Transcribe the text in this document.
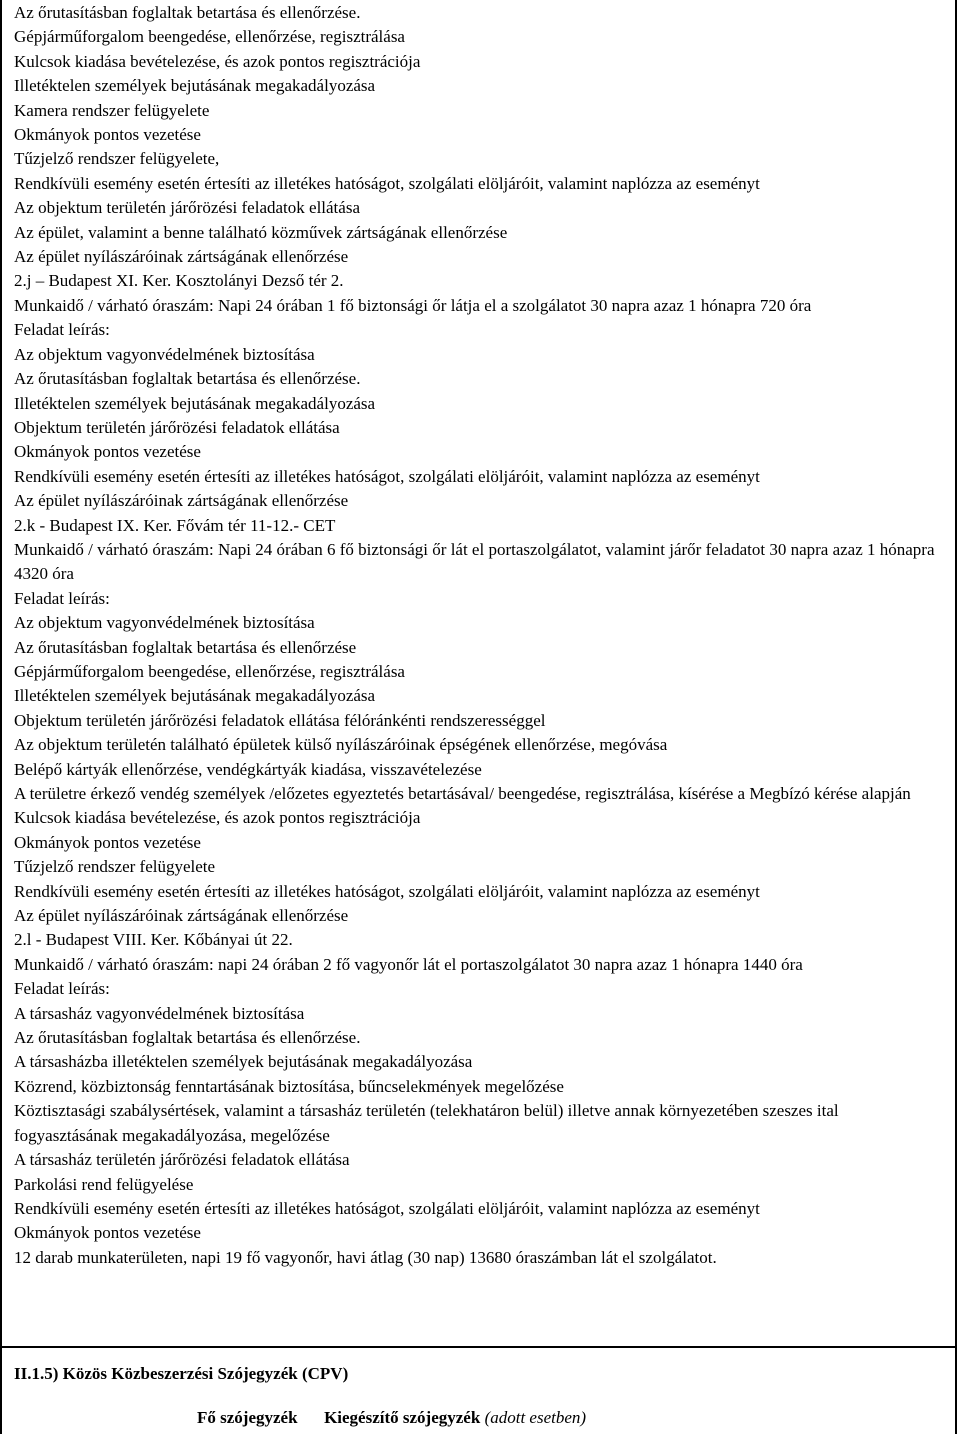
Az őrutasításban foglaltak betartása és ellenőrzése.
Gépjárműforgalom beengedése, ellenőrzése, regisztrálása
Kulcsok kiadása bevételezése, és azok pontos regisztrációja
Illetéktelen személyek bejutásának megakadályozása
Kamera rendszer felügyelete
Okmányok pontos vezetése
Tűzjelző rendszer felügyelete,
Rendkívüli esemény esetén értesíti az illetékes hatóságot, szolgálati elöljáróit, valamint naplózza az eseményt
Az objektum területén járőrözési feladatok ellátása
Az épület, valamint a benne található közművek zártságának ellenőrzése
Az épület nyílászáróinak zártságának ellenőrzése
2.j – Budapest XI. Ker. Kosztolányi Dezső tér 2.
Munkaidő / várható óraszám: Napi 24 órában 1 fő biztonsági őr látja el a szolgálatot 30 napra azaz 1 hónapra 720 óra
Feladat leírás:
Az objektum vagyonvédelmének biztosítása
Az őrutasításban foglaltak betartása és ellenőrzése.
Illetéktelen személyek bejutásának megakadályozása
Objektum területén járőrözési feladatok ellátása
Okmányok pontos vezetése
Rendkívüli esemény esetén értesíti az illetékes hatóságot, szolgálati elöljáróit, valamint naplózza az eseményt
Az épület nyílászáróinak zártságának ellenőrzése
2.k - Budapest IX. Ker. Fővám tér 11-12.- CET
Munkaidő / várható óraszám: Napi 24 órában 6 fő biztonsági őr lát el portaszolgálatot, valamint járőr feladatot 30 napra azaz 1 hónapra 4320 óra
Feladat leírás:
Az objektum vagyonvédelmének biztosítása
Az őrutasításban foglaltak betartása és ellenőrzése
Gépjárműforgalom beengedése, ellenőrzése, regisztrálása
Illetéktelen személyek bejutásának megakadályozása
Objektum területén járőrözési feladatok ellátása félóránkénti rendszerességgel
Az objektum területén található épületek külső nyílászáróinak épségének ellenőrzése, megóvása
Belépő kártyák ellenőrzése, vendégkártyák kiadása, visszavételezése
A területre érkező vendég személyek /előzetes egyeztetés betartásával/ beengedése, regisztrálása, kísérése a Megbízó kérése alapján
Kulcsok kiadása bevételezése, és azok pontos regisztrációja
Okmányok pontos vezetése
Tűzjelző rendszer felügyelete
Rendkívüli esemény esetén értesíti az illetékes hatóságot, szolgálati elöljáróit, valamint naplózza az eseményt
Az épület nyílászáróinak zártságának ellenőrzése
2.l - Budapest VIII. Ker. Kőbányai út 22.
Munkaidő / várható óraszám: napi 24 órában 2 fő vagyonőr lát el portaszolgálatot 30 napra azaz 1 hónapra 1440 óra
Feladat leírás:
A társasház vagyonvédelmének biztosítása
Az őrutasításban foglaltak betartása és ellenőrzése.
A társasházba illetéktelen személyek bejutásának megakadályozása
Közrend, közbiztonság fenntartásának biztosítása, bűncselekmények megelőzése
Köztisztasági szabálysértések, valamint a társasház területén (telekhatáron belül) illetve annak környezetében szeszes ital fogyasztásának megakadályozása, megelőzése
A társasház területén járőrözési feladatok ellátása
Parkolási rend felügyelése
Rendkívüli esemény esetén értesíti az illetékes hatóságot, szolgálati elöljáróit, valamint naplózza az eseményt
Okmányok pontos vezetése
12 darab munkaterületen, napi 19 fő vagyonőr, havi átlag (30 nap) 13680 óraszámban lát el szolgálatot.
II.1.5) Közös Közbeszerzési Szójegyzék (CPV)
Fő szójegyzék Kiegészítő szójegyzék (adott esetben)
